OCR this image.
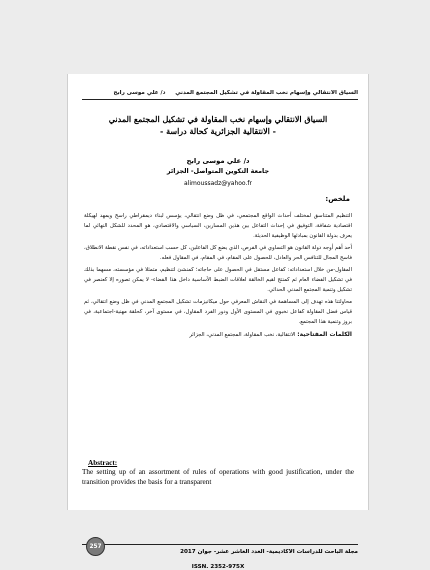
السياق الانتقالي وإسهام نخب المقاولة في تشكيل المجتمع المدني     د/ علي موسى رابح
السياق الانتقالي وإسهام نخب المقاولة في تشكيل المجتمع المدني
- الانتقالية الجزائرية كحالة دراسة -
د/ علي موسى رابح
جامعة التكوين المتواصل- الجزائر
alimoussadz@yahoo.fr
ملخص:

التنظيم المتناسق لمختلف أحداث الواقع المجتمعي، في ظل وضع انتقالي، يؤسس لبناء ديمقراطي راسخ ويمهد لهيكلة اقتصادية شفافة، التوفيق في إحداث التفاعل بين هذين المسارين، السياسي والاقتصادي، هو المحدد للشكل النهائي لما يعرف بدولة القانون بمبادئها الوظيفية الحديثة.

أحد أهم أوجه دولة القانون هو التساوي في الفرص، الذي يضع كل الفاعلين، كل حسب استعداداته، في نفس نقطة الانطلاق، فاسح المجال للتنافس الحر والعادل، للحصول على المقام، في المقام، في المقاول فعله.

المقاول-من خلال استعداداته: كفاعل مستقل في الحصول على حاجاته؛ كمنشئ لتنظيم، متمثلا في مؤسسته، مسهما بذلك في تشكيل الفضاء العام ثم كمنتج لقيم الخالقة لعلاقات الضبط الأساسية داخل هذا الفضاء- لا يمكن تصوره إلا كعنصر في تشكيل وتنمية المجتمع المدني الحداثي.

محاولتنا هذه تهدف إلى المساهمة في النقاش المعرفي حول ميكانيزمات تشكيل المجتمع المدني في ظل وضع انتقالي، ثم قياس فضل المقاولة كفاعل نخبوي في المستوى الأول ودور الفرد المقاول، في مستوى آخر، كحلقة مهنية-اجتماعية، في بروز وتنمية هذا المجتمع.

الكلمات المفتاحية: الانتقالية، نخب المقاولة، المجتمع المدني، الجزائر

Abstract:

The setting up of an assortment of rules of operations with good justification, under the transition provides the basis for a transparent

257
مجلة الباحث للدراسات الأكاديمية- العدد العاشر عشر- جوان 2017
ISSN. 2352-975X
